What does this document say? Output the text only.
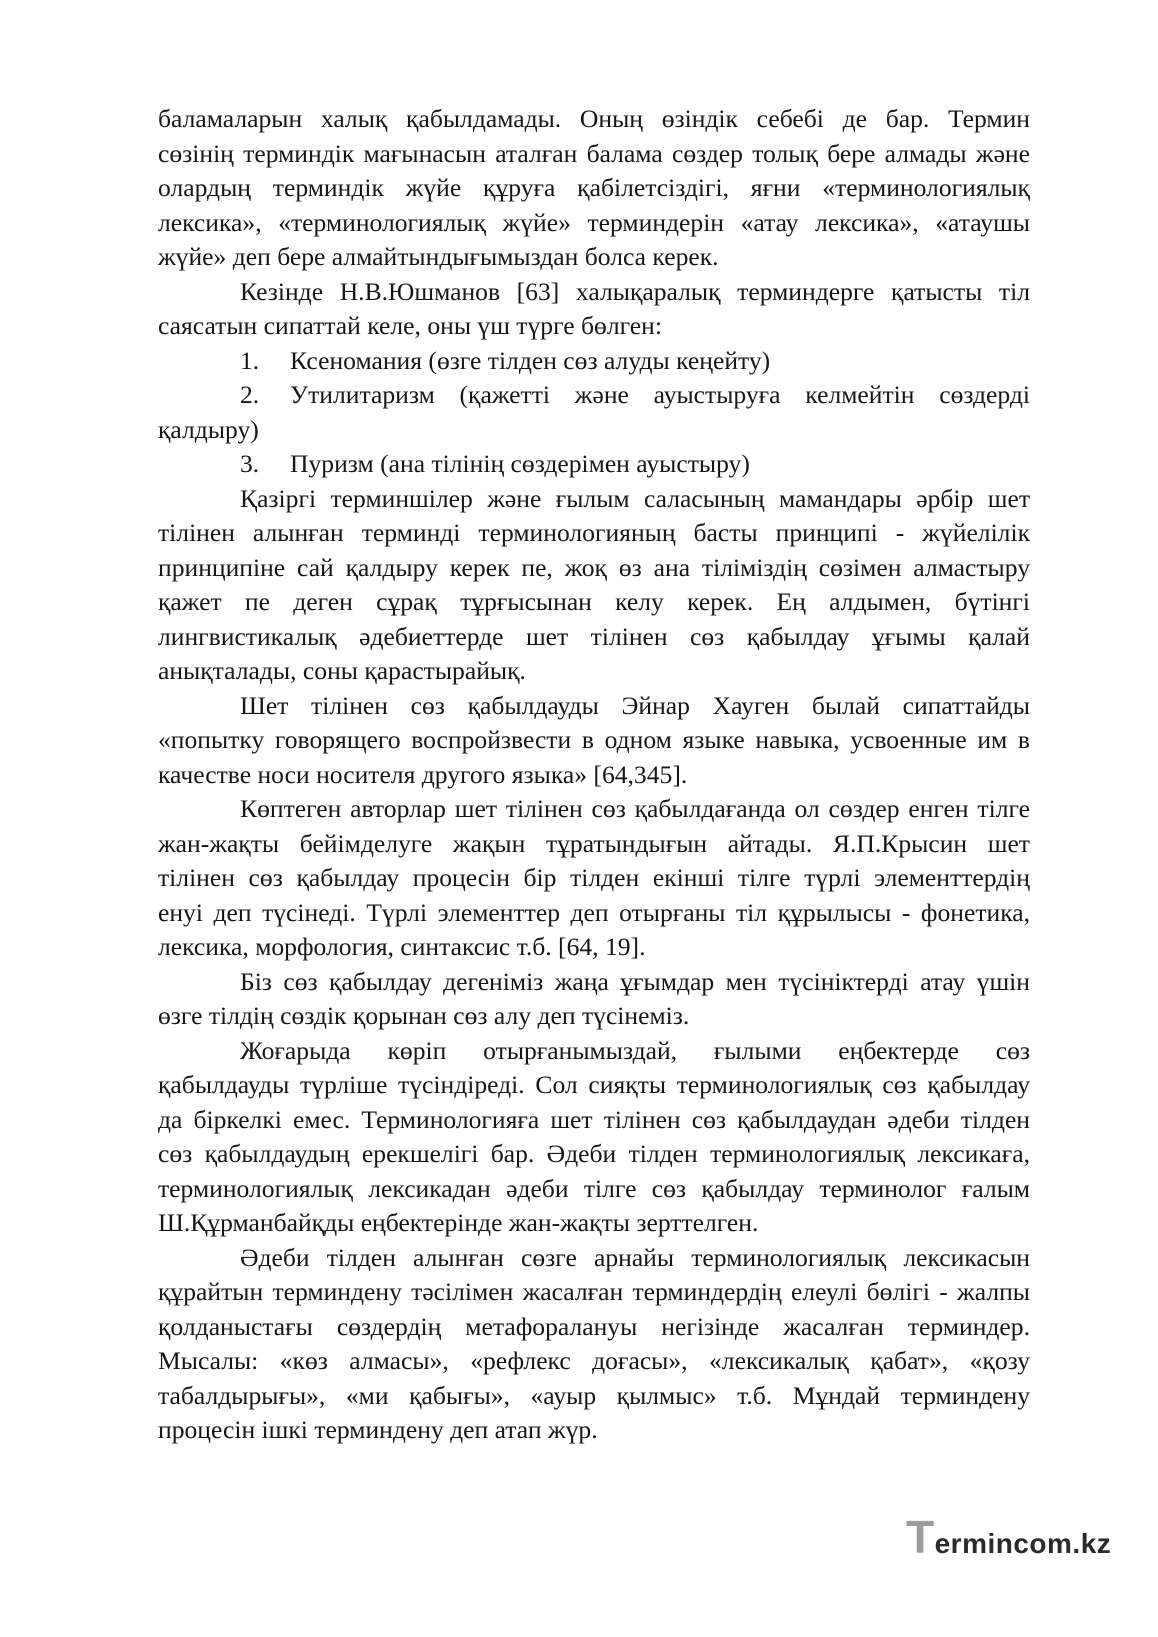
баламаларын халық қабылдамады. Оның өзіндік себебі де бар. Термин
сөзінің терминдік мағынасын аталған балама сөздер толық бере алмады және
олардың терминдік жүйе құруға қабілетсіздігі, яғни «терминологиялық
лексика», «терминологиялық жүйе» терминдерін «атау лексика», «атаушы
жүйе» деп бере алмайтындығымыздан болса керек.
Кезінде Н.В.Юшманов [63] халықаралық терминдерге қатысты тіл
саясатын сипаттай келе, оны үш түрге бөлген:
1.	Ксеномания (өзге тілден сөз алуды кеңейту)
2.	Утилитаризм (қажетті және ауыстыруға келмейтін сөздерді
қалдыру)
3.	Пуризм (ана тілінің сөздерімен ауыстыру)
Қазіргі терминшілер және ғылым саласының мамандары әрбір шет
тілінен алынған терминді терминологияның басты принципі - жүйелілік
принципіне сай қалдыру керек пе, жоқ өз ана тіліміздің сөзімен алмастыру
қажет пе деген сұрақ тұрғысынан келу керек. Ең алдымен, бүтінгі
лингвистикалық әдебиеттерде шет тілінен сөз қабылдау ұғымы қалай
анықталады, соны қарастырайық.
Шет тілінен сөз қабылдауды Эйнар Хауген былай сипаттайды
«попытку говорящего воспройзвести в одном языке навыка, усвоенные им в
качестве носи носителя другого языка» [64,345].
Көптеген авторлар шет тілінен сөз қабылдағанда ол сөздер енген тілге
жан-жақты бейімделуге жақын тұратындығын айтады. Я.П.Крысин шет
тілінен сөз қабылдау процесін бір тілден екінші тілге түрлі элементтердің
енуі деп түсінеді. Түрлі элементтер деп отырғаны тіл құрылысы - фонетика,
лексика, морфология, синтаксис т.б. [64, 19].
Біз сөз қабылдау дегеніміз жаңа ұғымдар мен түсініктерді атау үшін
өзге тілдің сөздік қорынан сөз алу деп түсінеміз.
Жоғарыда көріп отырғанымыздай, ғылыми еңбектерде сөз
қабылдауды түрліше түсіндіреді. Сол сияқты терминологиялық сөз қабылдау
да біркелкі емес. Терминологияға шет тілінен сөз қабылдаудан әдеби тілден
сөз қабылдаудың ерекшелігі бар. Әдеби тілден терминологиялық лексикаға,
терминологиялық лексикадан әдеби тілге сөз қабылдау терминолог ғалым
Ш.Құрманбайқды еңбектерінде жан-жақты зерттелген.
Әдеби тілден алынған сөзге арнайы терминологиялық лексикасын
құрайтын терминдену тәсілімен жасалған терминдердің елеулі бөлігі - жалпы
қолданыстағы сөздердің метафоралануы негізінде жасалған терминдер.
Мысалы: «көз алмасы», «рефлекс доғасы», «лексикалық қабат», «қозу
табалдырығы», «ми қабығы», «ауыр қылмыс» т.б. Мұндай терминдену
процесін ішкі терминдену деп атап жүр.
Termincom.kz
